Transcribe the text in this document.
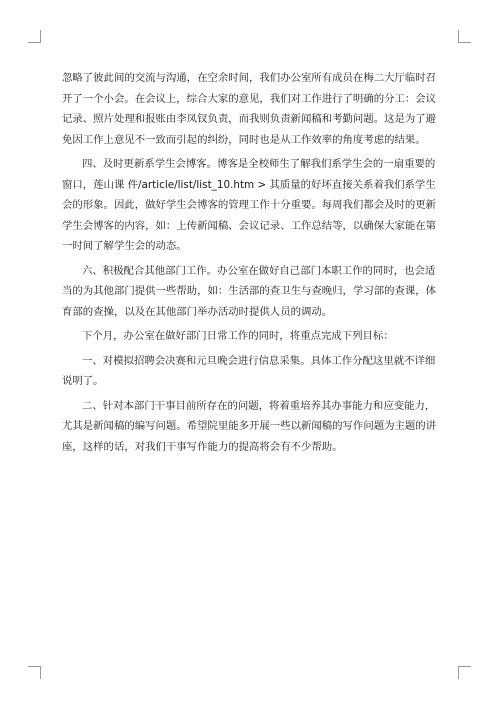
忽略了彼此间的交流与沟通，在空余时间，我们办公室所有成员在梅二大厅临时召开了一个小会。在会议上，综合大家的意见，我们对工作进行了明确的分工：会议记录、照片处理和报账由李凤钗负责，而我则负责新闻稿和考勤问题。这是为了避免因工作上意见不一致而引起的纠纷，同时也是从工作效率的角度考虑的结果。

四、及时更新系学生会博客。博客是全校师生了解我们系学生会的一扇重要的窗口，莲山课 件/article/list/list_10.htm > 其质量的好坏直接关系着我们系学生会的形象。因此，做好学生会博客的管理工作十分重要。每周我们都会及时的更新学生会博客的内容，如：上传新闻稿、会议记录、工作总结等，以确保大家能在第一时间了解学生会的动态。

六、积极配合其他部门工作。办公室在做好自己部门本职工作的同时，也会适当的为其他部门提供一些帮助，如：生活部的查卫生与查晚归，学习部的查课，体育部的查操，以及在其他部门举办活动时提供人员的调动。

下个月，办公室在做好部门日常工作的同时，将重点完成下列目标：

一、对模拟招聘会决赛和元旦晚会进行信息采集。具体工作分配这里就不详细说明了。

二、针对本部门干事目前所存在的问题，将着重培养其办事能力和应变能力，尤其是新闻稿的编写问题。希望院里能多开展一些以新闻稿的写作问题为主题的讲座，这样的话，对我们干事写作能力的提高将会有不少帮助。
